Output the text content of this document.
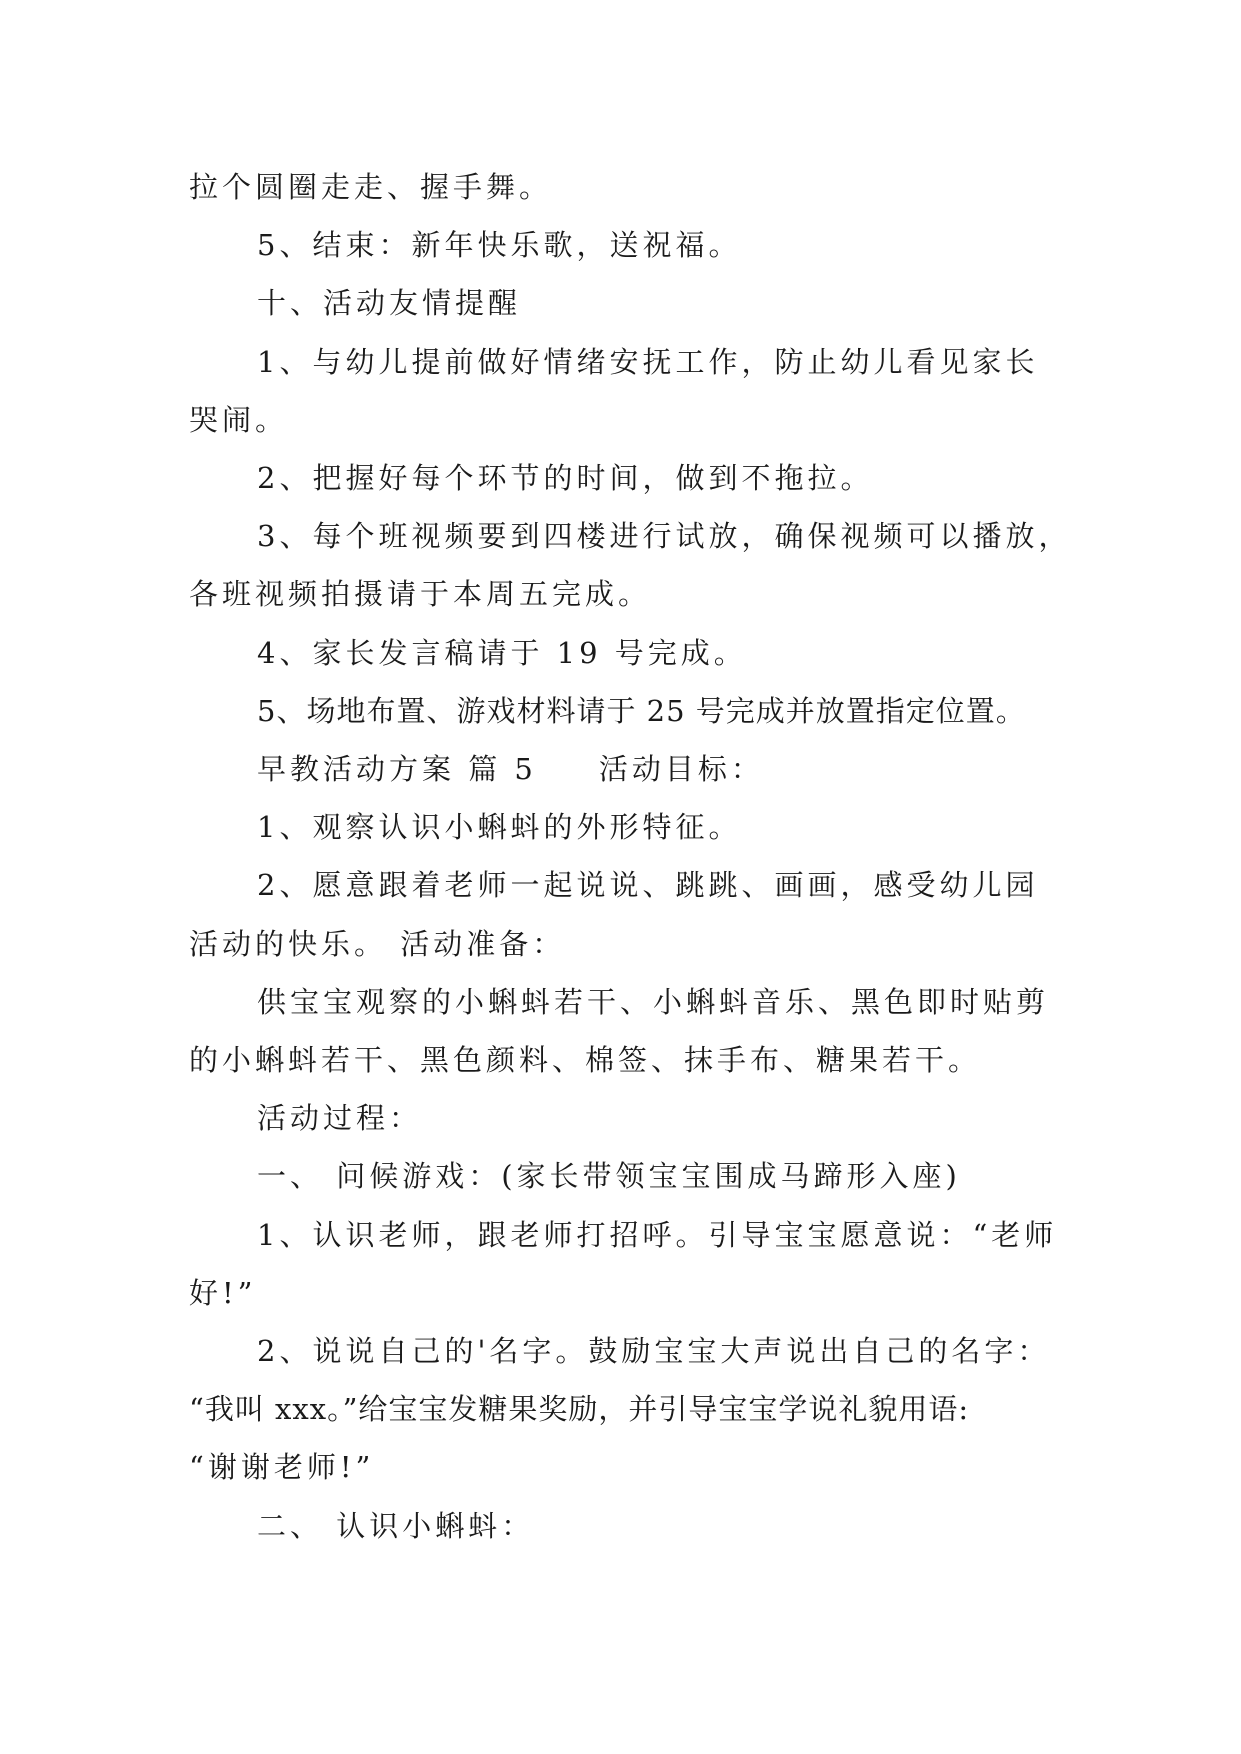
拉个圆圈走走、握手舞。

5、结束：新年快乐歌，送祝福。

十、活动友情提醒

1、与幼儿提前做好情绪安抚工作，防止幼儿看见家长
哭闹。

2、把握好每个环节的时间，做到不拖拉。

3、每个班视频要到四楼进行试放，确保视频可以播放，
各班视频拍摄请于本周五完成。

4、家长发言稿请于 19 号完成。

5、场地布置、游戏材料请于 25 号完成并放置指定位置。

早教活动方案 篇 5 活动目标：

1、观察认识小蝌蚪的外形特征。

2、愿意跟着老师一起说说、跳跳、画画，感受幼儿园
活动的快乐。 活动准备：

供宝宝观察的小蝌蚪若干、小蝌蚪音乐、黑色即时贴剪
的小蝌蚪若干、黑色颜料、棉签、抹手布、糖果若干。

活动过程：

一、 问候游戏：(家长带领宝宝围成马蹄形入座)

1、认识老师，跟老师打招呼。引导宝宝愿意说：“老师
好!”

2、说说自己的'名字。鼓励宝宝大声说出自己的名字：
“我叫 xxx。”给宝宝发糖果奖励，并引导宝宝学说礼貌用语:
“谢谢老师!”

二、 认识小蝌蚪：
